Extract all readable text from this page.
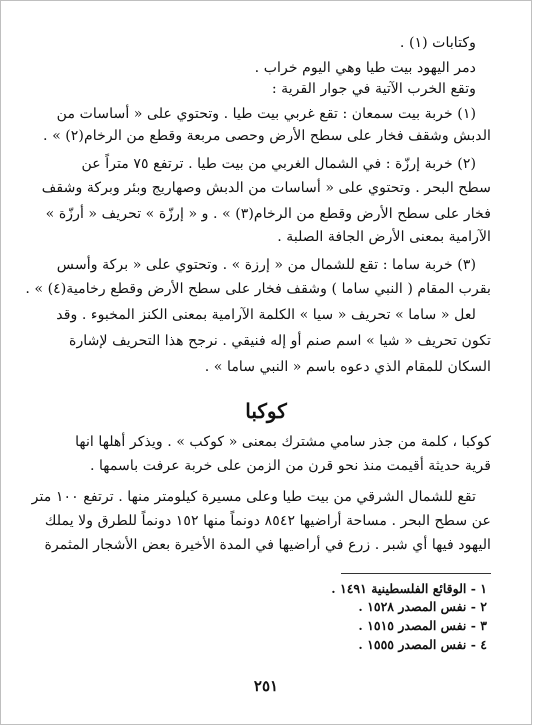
وكتابات (١) .
دمر اليهود بيت طيا وهي اليوم خراب .
وتقع الخرب الآتية في جوار القرية :
(١) خربة بيت سمعان : تقع غربي بيت طيا . وتحتوي على « أساسات من
الدبش وشقف فخار على سطح الأرض وحصى مربعة وقطع من الرخام(٢) » .
(٢) خربة إرزّة : في الشمال الغربي من بيت طيا . ترتفع ٧٥ متراً عن
سطح البحر . وتحتوي على « أساسات من الدبش وصهاريج وبئر وبركة وشقف
فخار على سطح الأرض وقطع من الرخام(٣) » . و « إرزّة » تحريف « أرزّة »
الآرامية بمعنى الأرض الجافة الصلبة .
(٣) خربة ساما : تقع للشمال من « إرزة » . وتحتوي على « بركة وأسس
بقرب المقام ( النبي ساما ) وشقف فخار على سطح الأرض وقطع رخامية(٤) » .
لعل « ساما » تحريف « سيا » الكلمة الآرامية بمعنى الكنز المخبوء . وقد
تكون تحريف « شيا » اسم صنم أو إله فنيقي . نرجح هذا التحريف لإشارة
السكان للمقام الذي دعوه باسم « النبي ساما » .
كوكبا
كوكبا ، كلمة من جذر سامي مشترك بمعنى « كوكب » . ويذكر أهلها انها
قرية حديثة أقيمت منذ نحو قرن من الزمن على خربة عرفت باسمها .
تقع للشمال الشرقي من بيت طيا وعلى مسيرة كيلومتر منها . ترتفع ١٠٠ متر
عن سطح البحر . مساحة أراضيها ٨٥٤٢ دونماً منها ١٥٢ دونماً للطرق ولا يملك
اليهود فيها أي شبر . زرع في أراضيها في المدة الأخيرة بعض الأشجار المثمرة
١ - الوقائع الفلسطينية ١٤٩١ .
٢ - نفس المصدر ١٥٢٨ .
٣ - نفس المصدر ١٥١٥ .
٤ - نفس المصدر ١٥٥٥ .
٢٥١
